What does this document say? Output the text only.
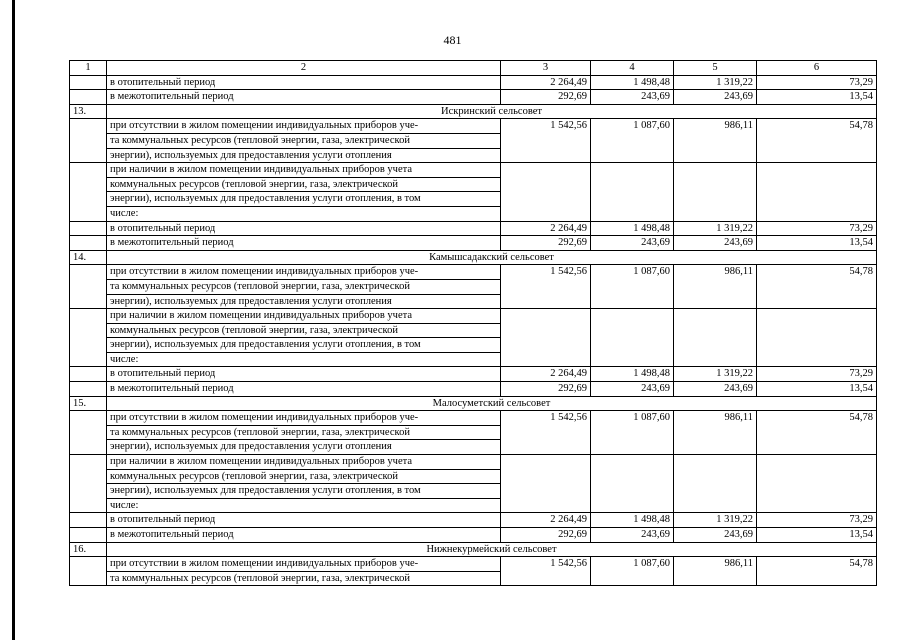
481
1	2	3	4	5	6
	в отопительный период	2 264,49	1 498,48	1 319,22	73,29
	в межотопительный период	292,69	243,69	243,69	13,54
13.	Искринский сельсовет				
	при отсутствии в жилом помещении индивидуальных приборов уче-	1 542,56	1 087,60	986,11	54,78
	та коммунальных ресурсов (тепловой энергии, газа, электрической				
	энергии), используемых для предоставления услуги отопления				
	при наличии в жилом помещении индивидуальных приборов учета				
	коммунальных ресурсов (тепловой энергии, газа, электрической				
	энергии), используемых для предоставления услуги отопления, в том				
	числе:				
	в отопительный период	2 264,49	1 498,48	1 319,22	73,29
	в межотопительный период	292,69	243,69	243,69	13,54
14.	Камышсадакский сельсовет				
	при отсутствии в жилом помещении индивидуальных приборов уче-	1 542,56	1 087,60	986,11	54,78
	та коммунальных ресурсов (тепловой энергии, газа, электрической				
	энергии), используемых для предоставления услуги отопления				
	при наличии в жилом помещении индивидуальных приборов учета				
	коммунальных ресурсов (тепловой энергии, газа, электрической				
	энергии), используемых для предоставления услуги отопления, в том				
	числе:				
	в отопительный период	2 264,49	1 498,48	1 319,22	73,29
	в межотопительный период	292,69	243,69	243,69	13,54
15.	Малосуметский сельсовет				
	при отсутствии в жилом помещении индивидуальных приборов уче-	1 542,56	1 087,60	986,11	54,78
	та коммунальных ресурсов (тепловой энергии, газа, электрической				
	энергии), используемых для предоставления услуги отопления				
	при наличии в жилом помещении индивидуальных приборов учета				
	коммунальных ресурсов (тепловой энергии, газа, электрической				
	энергии), используемых для предоставления услуги отопления, в том				
	числе:				
	в отопительный период	2 264,49	1 498,48	1 319,22	73,29
	в межотопительный период	292,69	243,69	243,69	13,54
16.	Нижнекурмейский сельсовет				
	при отсутствии в жилом помещении индивидуальных приборов уче-	1 542,56	1 087,60	986,11	54,78
	та коммунальных ресурсов (тепловой энергии, газа, электрической				
